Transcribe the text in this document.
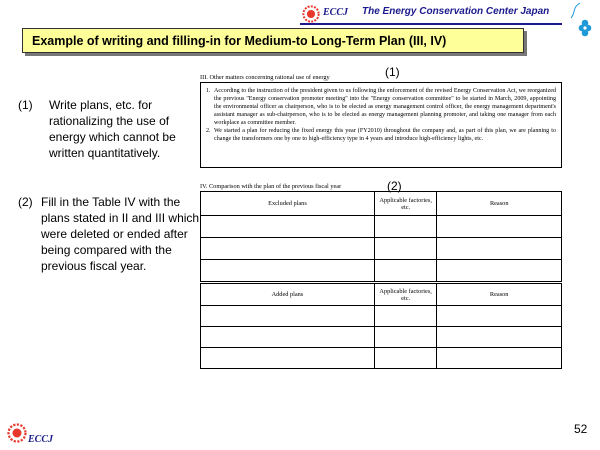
ECCJ The Energy Conservation Center Japan
Example of writing and filling-in for Medium-to Long-Term Plan (III, IV)
(1)	Write plans, etc. for rationalizing the use of energy which cannot be written quantitatively.
(2) Fill in the Table IV with the plans stated in II and III which were deleted or ended after being compared with the previous fiscal year.
III. Other matters concerning rational use of energy	(1)
1. According to the instruction of the president given to us following the enforcement of the revised Energy Conservation Act, we reorganized the previous "Energy conservation promoter meeting" into the "Energy conservation committee" to be started in March, 2009, appointing the environmental officer as chairperson, who is to be elected as energy management control officer, the energy management department's assistant manager as sub-chairperson, who is to be elected as energy management planning promoter, and taking one manager from each workplace as committee member.
2. We started a plan for reducing the fixed energy this year (FY2010) throughout the company and, as part of this plan, we are planning to change the transformers one by one to high-efficiency type in 4 years and introduce high-efficiency lights, etc.
IV. Comparison with the plan of the previous fiscal year	(2)
Excluded plans	Applicable factories, etc.	Reason

Added plans	Applicable factories, etc.	Reason

52
ECCJ
